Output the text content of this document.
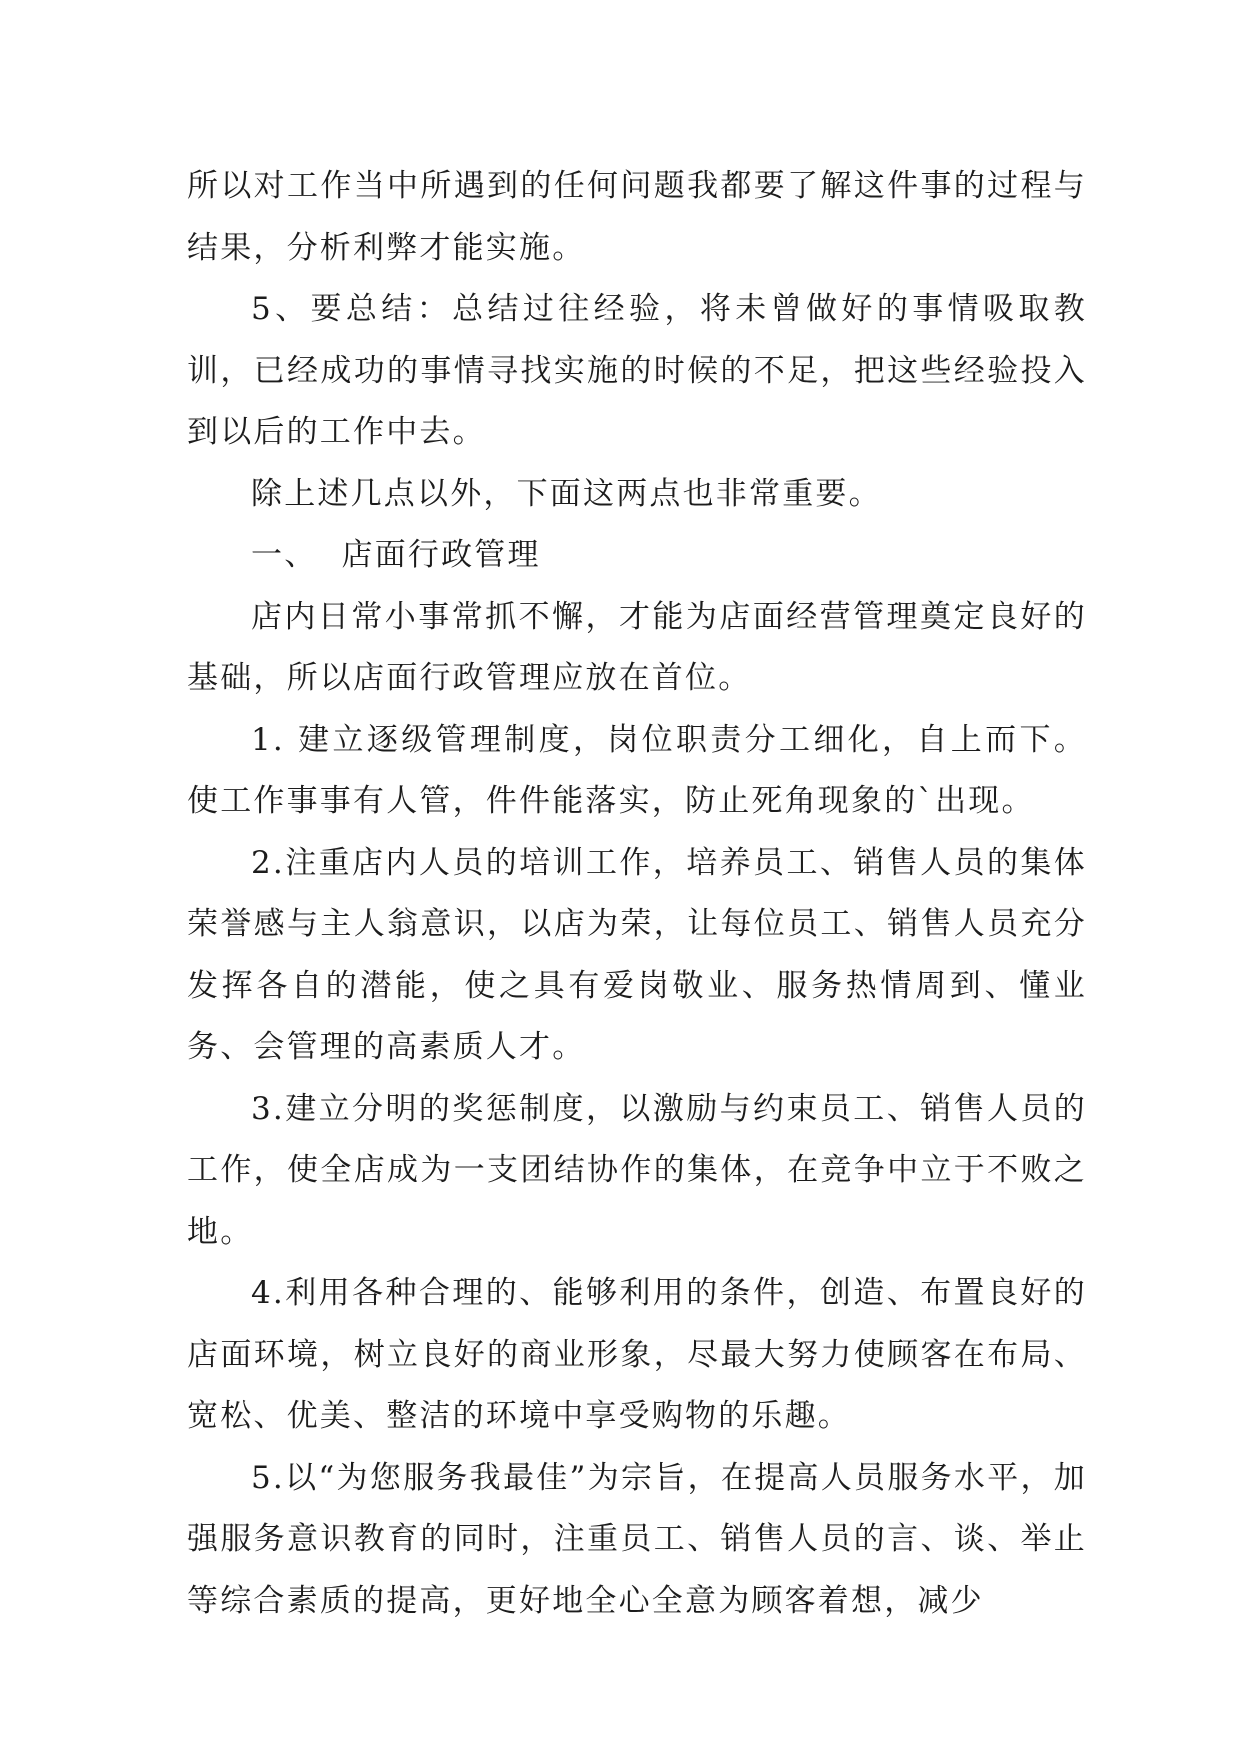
所以对工作当中所遇到的任何问题我都要了解这件事的过程与结果，分析利弊才能实施。

5、要总结：总结过往经验，将未曾做好的事情吸取教训，已经成功的事情寻找实施的时候的不足，把这些经验投入到以后的工作中去。

除上述几点以外，下面这两点也非常重要。

一、  店面行政管理

店内日常小事常抓不懈，才能为店面经营管理奠定良好的基础，所以店面行政管理应放在首位。

1. 建立逐级管理制度，岗位职责分工细化，自上而下。使工作事事有人管，件件能落实，防止死角现象的`出现。

2.注重店内人员的培训工作，培养员工、销售人员的集体荣誉感与主人翁意识，以店为荣，让每位员工、销售人员充分发挥各自的潜能，使之具有爱岗敬业、服务热情周到、懂业务、会管理的高素质人才。

3.建立分明的奖惩制度，以激励与约束员工、销售人员的工作，使全店成为一支团结协作的集体，在竞争中立于不败之地。

4.利用各种合理的、能够利用的条件，创造、布置良好的店面环境，树立良好的商业形象，尽最大努力使顾客在布局、宽松、优美、整洁的环境中享受购物的乐趣。

5.以“为您服务我最佳”为宗旨，在提高人员服务水平，加强服务意识教育的同时，注重员工、销售人员的言、谈、举止等综合素质的提高，更好地全心全意为顾客着想，减少
